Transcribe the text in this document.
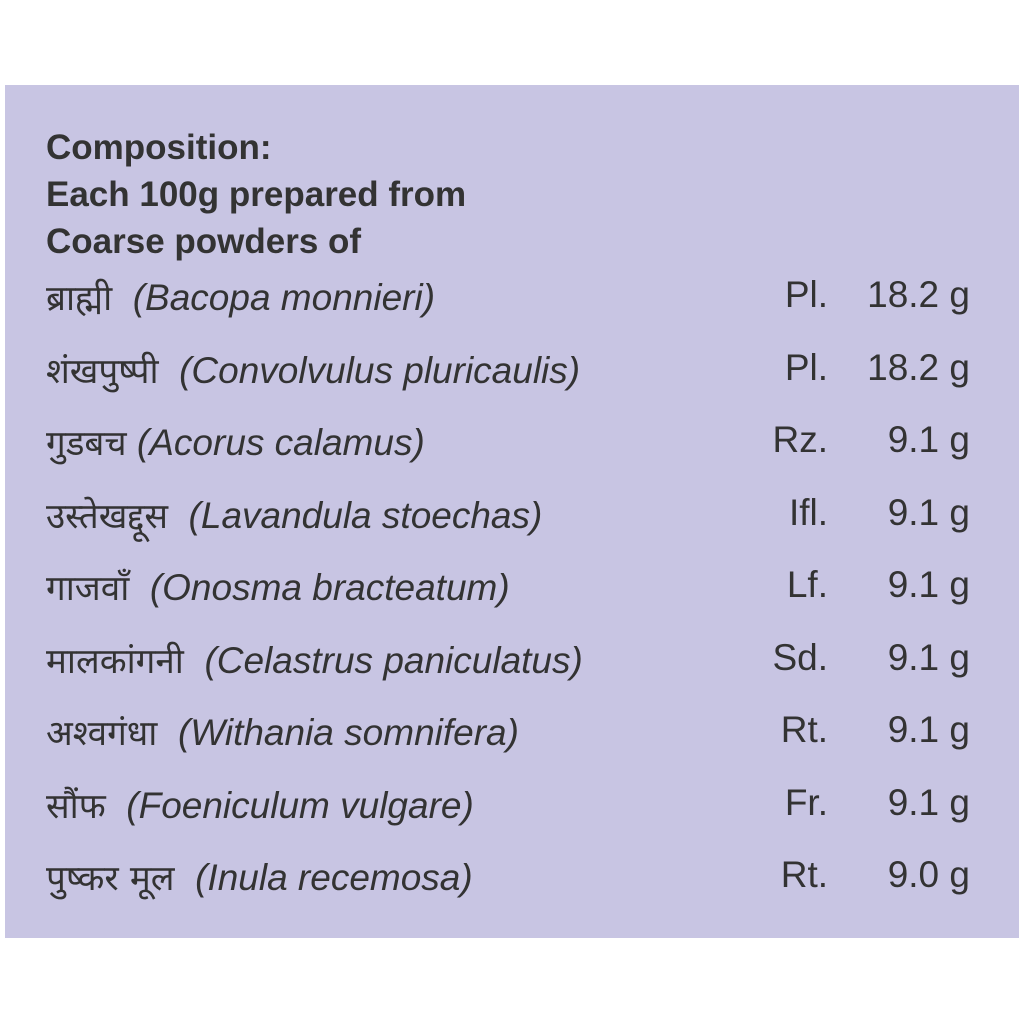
Composition:
Each 100g prepared from
Coarse powders of
ब्राह्मी (Bacopa monnieri)	Pl. 18.2 g
शंखपुष्पी (Convolvulus pluricaulis)	Pl. 18.2 g
गुडबच (Acorus calamus)	Rz. 9.1 g
उस्तेखद्दूस (Lavandula stoechas)	Ifl. 9.1 g
गाजवाँ (Onosma bracteatum)	Lf. 9.1 g
मालकांगनी (Celastrus paniculatus)	Sd. 9.1 g
अश्वगंधा (Withania somnifera)	Rt. 9.1 g
सौंफ (Foeniculum vulgare)	Fr. 9.1 g
पुष्कर मूल (Inula recemosa)	Rt. 9.0 g
